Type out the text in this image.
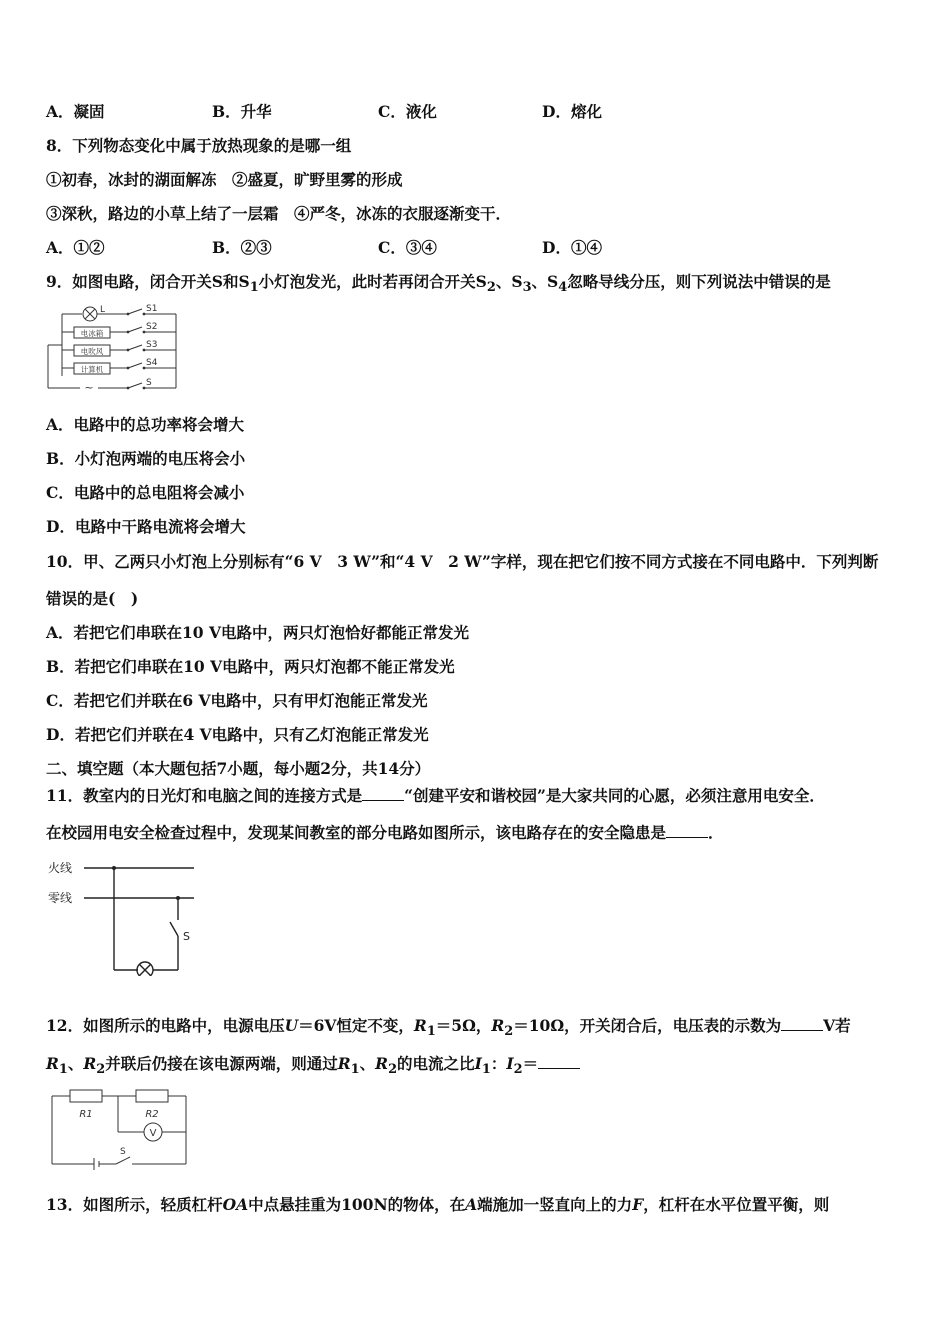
A．凝固	B．升华	C．液化	D．熔化
8．下列物态变化中属于放热现象的是哪一组
①初春，冰封的湖面解冻　②盛夏，旷野里雾的形成
③深秋，路边的小草上结了一层霜　④严冬，冰冻的衣服逐渐变干．
A．①②	B．②③	C．③④	D．①④
9．如图电路，闭合开关S和$S_1$小灯泡发光，此时若再闭合开关$S_2$、$S_3$、$S_4$忽略导线分压，则下列说法中错误的是
L	S1
S2
S3
S4
S
电冰箱
电吹风
计算机
~
A．电路中的总功率将会增大
B．小灯泡两端的电压将会小
C．电路中的总电阻将会减小
D．电路中干路电流将会增大
10．甲、乙两只小灯泡上分别标有“6 V　3 W”和“4 V　2 W”字样，现在把它们按不同方式接在不同电路中．下列判断
错误的是(　)
A．若把它们串联在10 V电路中，两只灯泡恰好都能正常发光
B．若把它们串联在10 V电路中，两只灯泡都不能正常发光
C．若把它们并联在6 V电路中，只有甲灯泡能正常发光
D．若把它们并联在4 V电路中，只有乙灯泡能正常发光
二、填空题（本大题包括7小题，每小题2分，共14分）
11．教室内的日光灯和电脑之间的连接方式是	“创建平安和谐校园”是大家共同的心愿，必须注意用电安全．
在校园用电安全检查过程中，发现某间教室的部分电路如图所示，该电路存在的安全隐患是	．
火线
零线
S
12．如图所示的电路中，电源电压U＝6V恒定不变，$R_1=5\Omega$，$R_2=10\Omega$，开关闭合后，电压表的示数为	V若
$R_1$、$R_2$并联后仍接在该电源两端，则通过$R_1$、$R_2$的电流之比$I_1$：$I_2=$
R1	R2
V
S
13．如图所示，轻质杠杆OA中点悬挂重为100N的物体，在A端施加一竖直向上的力F，杠杆在水平位置平衡，则
